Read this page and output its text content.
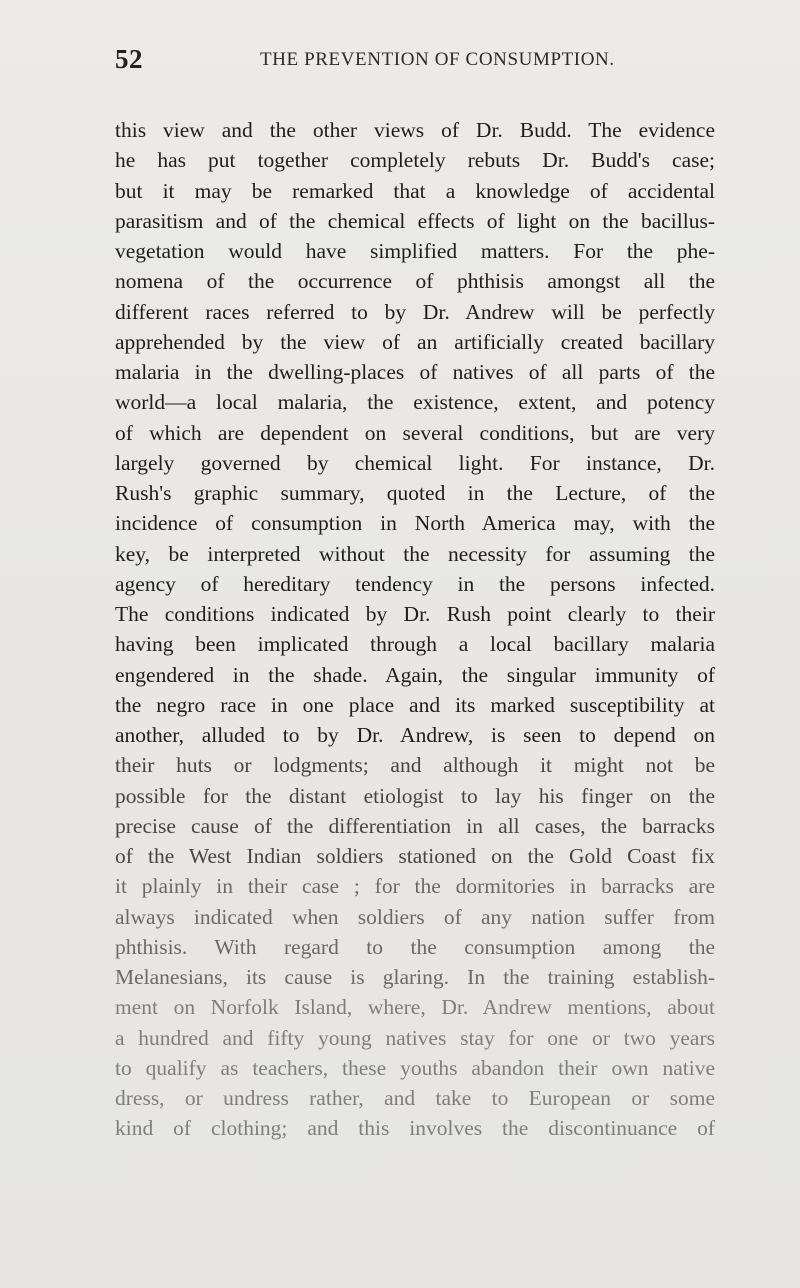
52	THE PREVENTION OF CONSUMPTION.
this view and the other views of Dr. Budd. The evidence
he has put together completely rebuts Dr. Budd's case;
but it may be remarked that a knowledge of accidental
parasitism and of the chemical effects of light on the bacillus-
vegetation would have simplified matters. For the phe-
nomena of the occurrence of phthisis amongst all the
different races referred to by Dr. Andrew will be perfectly
apprehended by the view of an artificially created bacillary
malaria in the dwelling-places of natives of all parts of the
world—a local malaria, the existence, extent, and potency
of which are dependent on several conditions, but are very
largely governed by chemical light. For instance, Dr.
Rush's graphic summary, quoted in the Lecture, of the
incidence of consumption in North America may, with the
key, be interpreted without the necessity for assuming the
agency of hereditary tendency in the persons infected.
The conditions indicated by Dr. Rush point clearly to their
having been implicated through a local bacillary malaria
engendered in the shade. Again, the singular immunity of
the negro race in one place and its marked susceptibility at
another, alluded to by Dr. Andrew, is seen to depend on
their huts or lodgments; and although it might not be
possible for the distant etiologist to lay his finger on the
precise cause of the differentiation in all cases, the barracks
of the West Indian soldiers stationed on the Gold Coast fix
it plainly in their case ; for the dormitories in barracks are
always indicated when soldiers of any nation suffer from
phthisis. With regard to the consumption among the
Melanesians, its cause is glaring. In the training establish-
ment on Norfolk Island, where, Dr. Andrew mentions, about
a hundred and fifty young natives stay for one or two years
to qualify as teachers, these youths abandon their own native
dress, or undress rather, and take to European or some
kind of clothing; and this involves the discontinuance of
